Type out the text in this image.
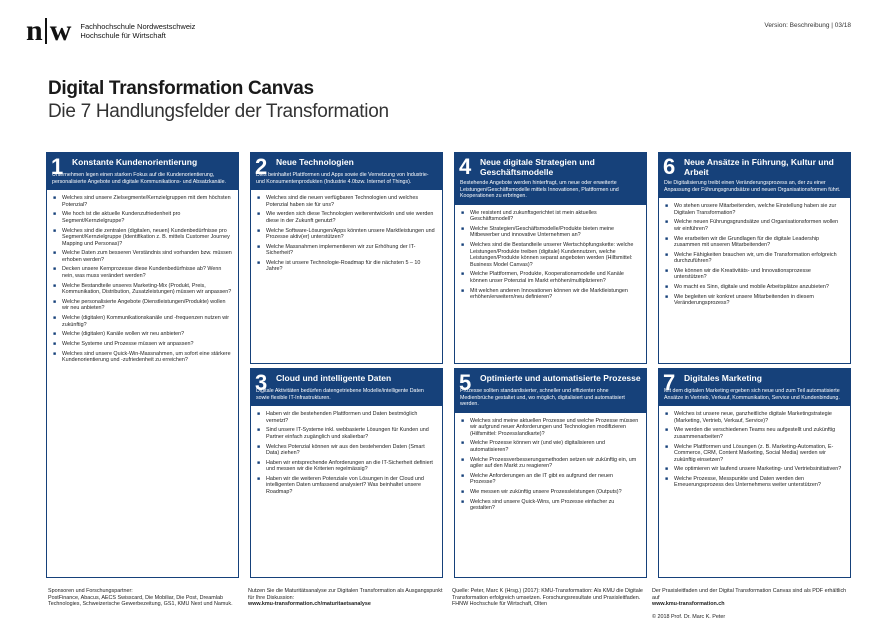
n w Fachhochschule Nordwestschweiz
Hochschule für Wirtschaft
Version: Beschreibung | 03/18
Digital Transformation Canvas
Die 7 Handlungsfelder der Transformation
1 Konstante Kundenorientierung
Unternehmen legen einen starken Fokus auf die Kundenorientierung, personalisierte Angebote und digitale Kommunikations- und Absatzkanäle.
■ Welches sind unsere Zielsegmente/Kernzielgruppen mit dem höchsten Potenzial?
■ Wie hoch ist die aktuelle Kundenzufriedenheit pro Segment/Kernzielgruppe?
■ Welches sind die zentralen (digitalen, neuen) Kundenbedürfnisse pro Segment/Kernzielgruppe (Identifikation z. B. mittels Customer Journey Mapping und Personas)?
■ Welche Daten zum besseren Verständnis sind vorhanden bzw. müssen erhoben werden?
■ Decken unsere Kernprozesse diese Kundenbedürfnisse ab? Wenn nein, was muss verändert werden?
■ Welche Bestandteile unseres Marketing-Mix (Produkt, Preis, Kommunikation, Distribution, Zusatzleistungen) müssen wir anpassen?
■ Welche personalisierte Angebote (Dienstleistungen/Produkte) wollen wir neu anbieten?
■ Welche (digitalen) Kommunikationskanäle und -frequenzen nutzen wir zukünftig?
■ Welche (digitalen) Kanäle wollen wir neu anbieten?
■ Welche Systeme und Prozesse müssen wir anpassen?
■ Welches sind unsere Quick-Win-Massnahmen, um sofort eine stärkere Kundenorientierung und -zufriedenheit zu erreichen?
2 Neue Technologien
Dies beinhaltet Plattformen und Apps sowie die Vernetzung von Industrie- und Konsumentenprodukten (Industrie 4.0bzw. Internet of Things).
■ Welches sind die neuen verfügbaren Technologien und welches Potenzial haben sie für uns?
■ Wie werden sich diese Technologien weiterentwickeln und wie werden diese in der Zukunft genutzt?
■ Welche Software-Lösungen/Apps könnten unsere Marktleistungen und Prozesse aktiv(er) unterstützen?
■ Welche Massnahmen implementieren wir zur Erhöhung der IT-Sicherheit?
■ Welche ist unsere Technologie-Roadmap für die nächsten 5 – 10 Jahre?
4 Neue digitale Strategien und Geschäftsmodelle
Bestehende Angebote werden hinterfragt, um neue oder erweiterte Leistungen/Geschäftsmodelle mittels Innovationen, Plattformen und Kooperationen zu erbringen.
■ Wie resistent und zukunftsgerichtet ist mein aktuelles Geschäftsmodell?
■ Welche Strategien/Geschäftsmodelle/Produkte bieten meine Mitbewerber und innovative Unternehmen an?
■ Welches sind die Bestandteile unserer Wertschöpfungskette: welche Leistungen/Produkte treiben (digitale) Kundennutzen, welche Leistungen/Produkte können separat angeboten werden (Hilfsmittel: Business Model Canvas)?
■ Welche Plattformen, Produkte, Kooperationsmodelle und Kanäle können unser Potenzial im Markt erhöhen/multiplizieren?
■ Mit welchen anderen Innovationen können wir die Marktleistungen erhöhen/erweitern/neu definieren?
6 Neue Ansätze in Führung, Kultur und Arbeit
Die Digitalisierung treibt einen Veränderungsprozess an, der zu einer Anpassung der Führungsgrundsätze und neuen Organisationsformen führt.
■ Wo stehen unsere Mitarbeitenden, welche Einstellung haben sie zur Digitalen Transformation?
■ Welche neuen Führungsgrundsätze und Organisationsformen wollen wir einführen?
■ Wie erarbeiten wir die Grundlagen für die digitale Leadership zusammen mit unseren Mitarbeitenden?
■ Welche Fähigkeiten brauchen wir, um die Transformation erfolgreich durchzuführen?
■ Wie können wir die Kreativitäts- und Innovationsprozesse unterstützen?
■ Wo macht es Sinn, digitale und mobile Arbeitsplätze anzubieten?
■ Wie begleiten wir konkret unsere Mitarbeitenden in diesem Veränderungsprozess?
3 Cloud und intelligente Daten
Digitale Aktivitäten bedürfen datengetriebene Modelle/intelligente Daten sowie flexible IT-Infrastrukturen.
■ Haben wir die bestehenden Plattformen und Daten bestmöglich vernetzt?
■ Sind unsere IT-Systeme inkl. webbasierte Lösungen für Kunden und Partner einfach zugänglich und skalierbar?
■ Welches Potenzial können wir aus den bestehenden Daten (Smart Data) ziehen?
■ Haben wir entsprechende Anforderungen an die IT-Sicherheit definiert und messen wir die Kriterien regelmässig?
■ Haben wir die weiteren Potenziale von Lösungen in der Cloud und intelligenten Daten umfassend analysiert? Was beinhaltet unsere Roadmap?
5 Optimierte und automatisierte Prozesse
Prozesse sollten standardisierter, schneller und effizienter ohne Medienbrüche gestaltet und, wo möglich, digitalisiert und automatisiert werden.
■ Welches sind meine aktuellen Prozesse und welche Prozesse müssen wir aufgrund neuer Anforderungen und Technologien modifizieren (Hilfsmittel: Prozesslandkarte)?
■ Welche Prozesse können wir (und wie) digitalisieren und automatisieren?
■ Welche Prozessverbesserungsmethoden setzen wir zukünftig ein, um agiler auf den Markt zu reagieren?
■ Welche Anforderungen an die IT gibt es aufgrund der neuen Prozesse?
■ Wie messen wir zukünftig unsere Prozessleistungen (Outputs)?
■ Welches sind unsere Quick-Wins, um Prozesse einfacher zu gestalten?
7 Digitales Marketing
Mit dem digitalen Marketing ergeben sich neue und zum Teil automatisierte Ansätze in Vertrieb, Verkauf, Kommunikation, Service und Kundenbindung.
■ Welches ist unsere neue, ganzheitliche digitale Marketingstrategie (Marketing, Vertrieb, Verkauf, Service)?
■ Wie werden die verschiedenen Teams neu aufgestellt und zukünftig zusammenarbeiten?
■ Welche Plattformen und Lösungen (z. B. Marketing-Automation, E-Commerce, CRM, Content Marketing, Social Media) werden wir zukünftig einsetzen?
■ Wie optimieren wir laufend unsere Marketing- und Vertriebsinitiativen?
■ Welche Prozesse, Messpunkte und Daten werden den Erneuerungsprozess des Unternehmens weiter unterstützen?
Sponsoren und Forschungspartner:
PostFinance, Abacus, AECS Swisscard, Die Mobiliar, Die Post, Dreamlab Technologies, Schweizerische Gewerbezeitung, GS1, KMU Next und Namuk.
Nutzen Sie die Maturitätsanalyse zur Digitalen Transformation als Ausgangspunkt für Ihre Diskussion:
www.kmu-transformation.ch/maturitaetsanalyse
Quelle: Peter, Marc K (Hrsg.) (2017): KMU-Transformation: Als KMU die Digitale Transformation erfolgreich umsetzen. Forschungsresultate und Praxisleitfaden. FHNW Hochschule für Wirtschaft, Olten
Der Praxisleitfaden und der Digital Transformation Canvas sind als PDF erhältlich auf
www.kmu-transformation.ch
© 2018 Prof. Dr. Marc K. Peter
